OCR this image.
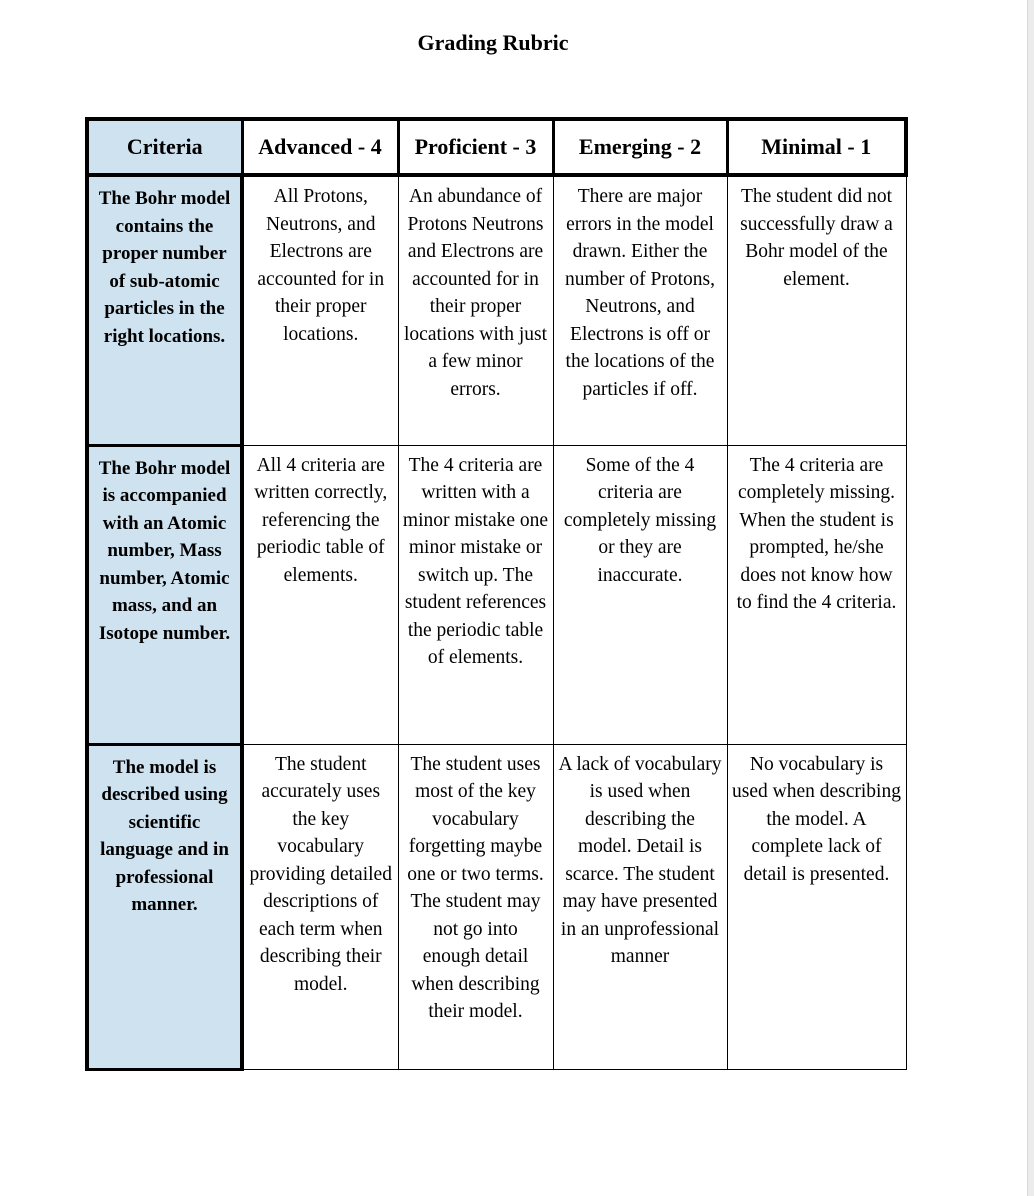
Grading Rubric
Criteria	Advanced - 4	Proficient - 3	Emerging - 2	Minimal - 1
The Bohr model contains the proper number of sub-atomic particles in the right locations.	All Protons, Neutrons, and Electrons are accounted for in their proper locations.	An abundance of Protons Neutrons and Electrons are accounted for in their proper locations with just a few minor errors.	There are major errors in the model drawn. Either the number of Protons, Neutrons, and Electrons is off or the locations of the particles if off.	The student did not successfully draw a Bohr model of the element.
The Bohr model is accompanied with an Atomic number, Mass number, Atomic mass, and an Isotope number.	All 4 criteria are written correctly, referencing the periodic table of elements.	The 4 criteria are written with a minor mistake one minor mistake or switch up. The student references the periodic table of elements.	Some of the 4 criteria are completely missing or they are inaccurate.	The 4 criteria are completely missing. When the student is prompted, he/she does not know how to find the 4 criteria.
The model is described using scientific language and in professional manner.	The student accurately uses the key vocabulary providing detailed descriptions of each term when describing their model.	The student uses most of the key vocabulary forgetting maybe one or two terms. The student may not go into enough detail when describing their model.	A lack of vocabulary is used when describing the model. Detail is scarce. The student may have presented in an unprofessional manner	No vocabulary is used when describing the model. A complete lack of detail is presented.
